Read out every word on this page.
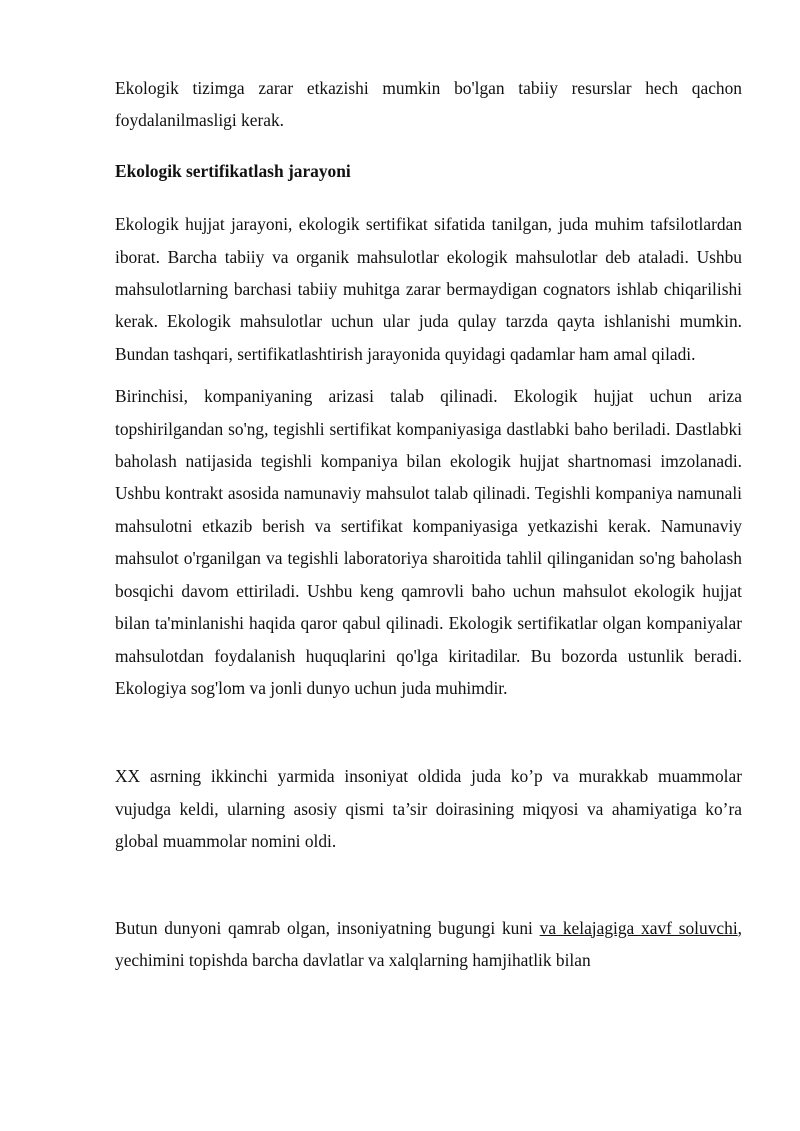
Ekologik tizimga zarar etkazishi mumkin bo'lgan tabiiy resurslar hech qachon foydalanilmasligi kerak.

Ekologik sertifikatlash jarayoni

Ekologik hujjat jarayoni, ekologik sertifikat sifatida tanilgan, juda muhim tafsilotlardan iborat. Barcha tabiiy va organik mahsulotlar ekologik mahsulotlar deb ataladi. Ushbu mahsulotlarning barchasi tabiiy muhitga zarar bermaydigan cognators ishlab chiqarilishi kerak. Ekologik mahsulotlar uchun ular juda qulay tarzda qayta ishlanishi mumkin. Bundan tashqari, sertifikatlashtirish jarayonida quyidagi qadamlar ham amal qiladi.

Birinchisi, kompaniyaning arizasi talab qilinadi. Ekologik hujjat uchun ariza topshirilgandan so'ng, tegishli sertifikat kompaniyasiga dastlabki baho beriladi. Dastlabki baholash natijasida tegishli kompaniya bilan ekologik hujjat shartnomasi imzolanadi. Ushbu kontrakt asosida namunaviy mahsulot talab qilinadi. Tegishli kompaniya namunali mahsulotni etkazib berish va sertifikat kompaniyasiga yetkazishi kerak. Namunaviy mahsulot o'rganilgan va tegishli laboratoriya sharoitida tahlil qilinganidan so'ng baholash bosqichi davom ettiriladi. Ushbu keng qamrovli baho uchun mahsulot ekologik hujjat bilan ta'minlanishi haqida qaror qabul qilinadi. Ekologik sertifikatlar olgan kompaniyalar mahsulotdan foydalanish huquqlarini qo'lga kiritadilar. Bu bozorda ustunlik beradi. Ekologiya sog'lom va jonli dunyo uchun juda muhimdir.

XX asrning ikkinchi yarmida insoniyat oldida juda ko’p va murakkab muammolar vujudga keldi, ularning asosiy qismi ta’sir doirasining miqyosi va ahamiyatiga ko’ra global muammolar nomini oldi.

Butun dunyoni qamrab olgan, insoniyatning bugungi kuni va kelajagiga xavf soluvchi, yechimini topishda barcha davlatlar va xalqlarning hamjihatlik bilan
